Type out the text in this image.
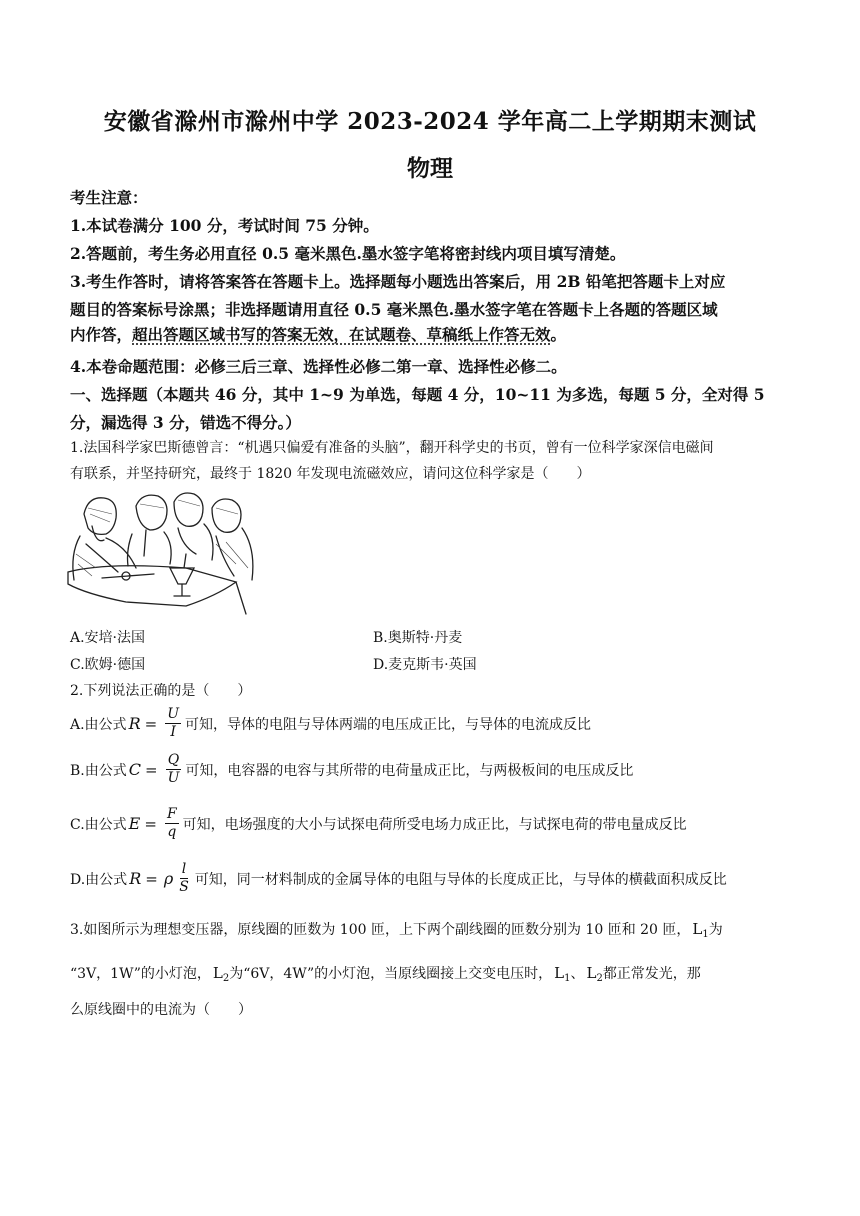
安徽省滁州市滁州中学 2023-2024 学年高二上学期期末测试
物理
考生注意：
1.本试卷满分 100 分，考试时间 75 分钟。
2.答题前，考生务必用直径 0.5 毫米黑色.墨水签字笔将密封线内项目填写清楚。
3.考生作答时，请将答案答在答题卡上。选择题每小题选出答案后，用 2B 铅笔把答题卡上对应
题目的答案标号涂黑；非选择题请用直径 0.5 毫米黑色.墨水签字笔在答题卡上各题的答题区域
内作答，超出答题区域书写的答案无效，在试题卷、草稿纸上作答无效。
4.本卷命题范围：必修三后三章、选择性必修二第一章、选择性必修二。
一、选择题（本题共 46 分，其中 1~9 为单选，每题 4 分，10~11 为多选，每题 5 分，全对得 5
分，漏选得 3 分，错选不得分。）
1.法国科学家巴斯德曾言：“机遇只偏爱有准备的头脑”，翻开科学史的书页，曾有一位科学家深信电磁间
有联系，并坚持研究，最终于 1820 年发现电流磁效应，请问这位科学家是（　　）
A.安培·法国	B.奥斯特·丹麦
C.欧姆·德国	D.麦克斯韦·英国
2.下列说法正确的是（　　）
A.由公式 $R = \frac{U}{I}$ 可知，导体的电阻与导体两端的电压成正比，与导体的电流成反比
B.由公式 $C = \frac{Q}{U}$ 可知，电容器的电容与其所带的电荷量成正比，与两极板间的电压成反比
C.由公式 $E = \frac{F}{q}$ 可知，电场强度的大小与试探电荷所受电场力成正比，与试探电荷的带电量成反比
D.由公式 R = ρ $\frac{l}{S}$ 可知，同一材料制成的金属导体的电阻与导体的长度成正比，与导体的横截面积成反比
3.如图所示为理想变压器，原线圈的匝数为 100 匝，上下两个副线圈的匝数分别为 10 匝和 20 匝， $L_1$为
“3V，1W”的小灯泡， $L_2$为“6V，4W”的小灯泡，当原线圈接上交变电压时， $L_1$、 $L_2$都正常发光，那
么原线圈中的电流为（　　）
